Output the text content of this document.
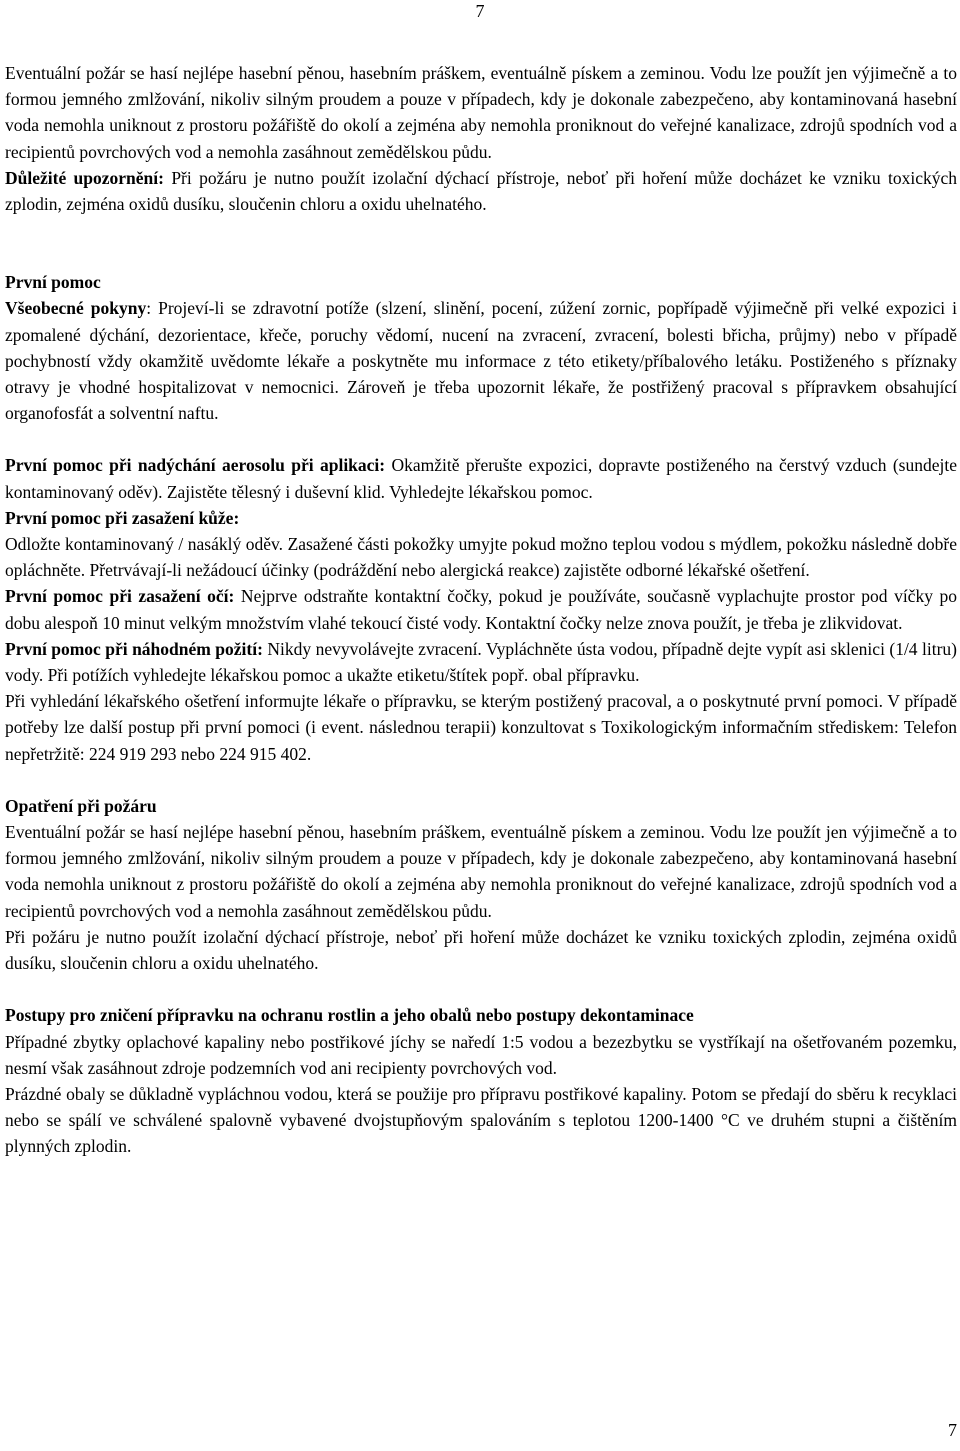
7

Eventuální požár se hasí nejlépe hasební pěnou, hasebním práškem, eventuálně pískem a zeminou. Vodu lze použít jen výjimečně a to formou jemného zmlžování, nikoliv silným proudem a pouze v případech, kdy je dokonale zabezpečeno, aby kontaminovaná hasební voda nemohla uniknout z prostoru požářiště do okolí a zejména aby nemohla proniknout do veřejné kanalizace, zdrojů spodních vod a recipientů povrchových vod a nemohla zasáhnout zemědělskou půdu.

Důležité upozornění: Při požáru je nutno použít izolační dýchací přístroje, neboť při hoření může docházet ke vzniku toxických zplodin, zejména oxidů dusíku, sloučenin chloru a oxidu uhelnatého.

První pomoc

Všeobecné pokyny: Projeví-li se zdravotní potíže (slzení, slinění, pocení, zúžení zornic, popřípadě výjimečně při velké expozici i zpomalené dýchání, dezorientace, křeče, poruchy vědomí, nucení na zvracení, zvracení, bolesti břicha, průjmy) nebo v případě pochybností vždy okamžitě uvědomte lékaře a poskytněte mu informace z této etikety/příbalového letáku. Postiženého s příznaky otravy je vhodné hospitalizovat v nemocnici. Zároveň je třeba upozornit lékaře, že postřižený pracoval s přípravkem obsahující organofosfát a solventní naftu.

První pomoc při nadýchání aerosolu při aplikaci: Okamžitě přerušte expozici, dopravte postiženého na čerstvý vzduch (sundejte kontaminovaný oděv). Zajistěte tělesný i duševní klid. Vyhledejte lékařskou pomoc.

První pomoc při zasažení kůže:

Odložte kontaminovaný / nasáklý oděv. Zasažené části pokožky umyjte pokud možno teplou vodou s mýdlem, pokožku následně dobře opláchněte. Přetrvávají-li nežádoucí účinky (podráždění nebo alergická reakce) zajistěte odborné lékařské ošetření.

První pomoc při zasažení očí: Nejprve odstraňte kontaktní čočky, pokud je používáte, současně vyplachujte prostor pod víčky po dobu alespoň 10 minut velkým množstvím vlahé tekoucí čisté vody. Kontaktní čočky nelze znova použít, je třeba je zlikvidovat.

První pomoc při náhodném požití: Nikdy nevyvolávejte zvracení. Vypláchněte ústa vodou, případně dejte vypít asi sklenici (1/4 litru) vody. Při potížích vyhledejte lékařskou pomoc a ukažte etiketu/štítek popř. obal přípravku.

Při vyhledání lékařského ošetření informujte lékaře o přípravku, se kterým postižený pracoval, a o poskytnuté první pomoci. V případě potřeby lze další postup při první pomoci (i event. následnou terapii) konzultovat s Toxikologickým informačním střediskem: Telefon nepřetržitě: 224 919 293 nebo 224 915 402.

Opatření při požáru

Eventuální požár se hasí nejlépe hasební pěnou, hasebním práškem, eventuálně pískem a zeminou. Vodu lze použít jen výjimečně a to formou jemného zmlžování, nikoliv silným proudem a pouze v případech, kdy je dokonale zabezpečeno, aby kontaminovaná hasební voda nemohla uniknout z prostoru požářiště do okolí a zejména aby nemohla proniknout do veřejné kanalizace, zdrojů spodních vod a recipientů povrchových vod a nemohla zasáhnout zemědělskou půdu.

Při požáru je nutno použít izolační dýchací přístroje, neboť při hoření může docházet ke vzniku toxických zplodin, zejména oxidů dusíku, sloučenin chloru a oxidu uhelnatého.

Postupy pro zničení přípravku na ochranu rostlin a jeho obalů nebo postupy dekontaminace

Případné zbytky oplachové kapaliny nebo postřikové jíchy se naředí 1:5 vodou a bezezbytku se vystříkají na ošetřovaném pozemku, nesmí však zasáhnout zdroje podzemních vod ani recipienty povrchových vod.

Prázdné obaly se důkladně vypláchnou vodou, která se použije pro přípravu postřikové kapaliny. Potom se předají do sběru k recyklaci nebo se spálí ve schválené spalovně vybavené dvojstupňovým spalováním s teplotou 1200-1400 °C ve druhém stupni a čištěním plynných zplodin.

7
